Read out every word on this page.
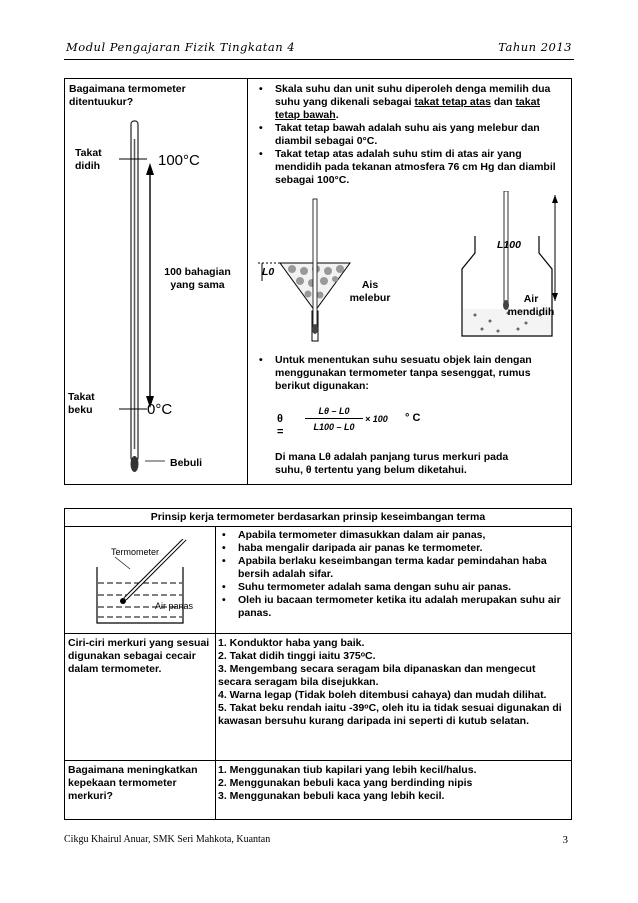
Modul Pengajaran Fizik Tingkatan 4	Tahun 2013
Bagaimana termometer ditentuukur?
Takat
didih	100°C
100 bahagian
yang sama
Takat
beku	0°C
Bebuli
• Skala suhu dan unit suhu diperoleh denga memilih dua suhu yang dikenali sebagai takat tetap atas dan takat tetap bawah.
• Takat tetap bawah adalah suhu ais yang melebur dan diambil sebagai 0°C.
• Takat tetap atas adalah suhu stim di atas air yang mendidih pada tekanan atmosfera 76 cm Hg dan diambil sebagai 100°C.
L0
Ais
melebur
L100
Air
mendidih
• Untuk menentukan suhu sesuatu objek lain dengan menggunakan termometer tanpa sesenggat, rumus berikut digunakan:
θ =
Lθ – L0
L100 – L0
× 100 ° C
Di mana Lθ adalah panjang turus merkuri pada
suhu, θ tertentu yang belum diketahui.
Prinsip kerja termometer berdasarkan prinsip keseimbangan terma
Termometer
Air panas
• Apabila termometer dimasukkan dalam air panas,
• haba mengalir daripada air panas ke termometer.
• Apabila berlaku keseimbangan terma kadar pemindahan haba bersih adalah sifar.
• Suhu termometer adalah sama dengan suhu air panas.
• Oleh iu bacaan termometer ketika itu adalah merupakan suhu air panas.
Ciri-ciri merkuri yang sesuai digunakan sebagai cecair dalam termometer.
1. Konduktor haba yang baik.
2. Takat didih tinggi iaitu 375ᵒC.
3. Mengembang secara seragam bila dipanaskan dan mengecut secara seragam bila disejukkan.
4. Warna legap (Tidak boleh ditembusi cahaya) dan mudah dilihat.
5. Takat beku rendah iaitu -39ᵒC, oleh itu ia tidak sesuai digunakan di kawasan bersuhu kurang daripada ini seperti di kutub selatan.
Bagaimana meningkatkan kepekaan termometer merkuri?
1. Menggunakan tiub kapilari yang lebih kecil/halus.
2. Menggunakan bebuli kaca yang berdinding nipis
3. Menggunakan bebuli kaca yang lebih kecil.
Cikgu Khairul Anuar, SMK Seri Mahkota, Kuantan	3
